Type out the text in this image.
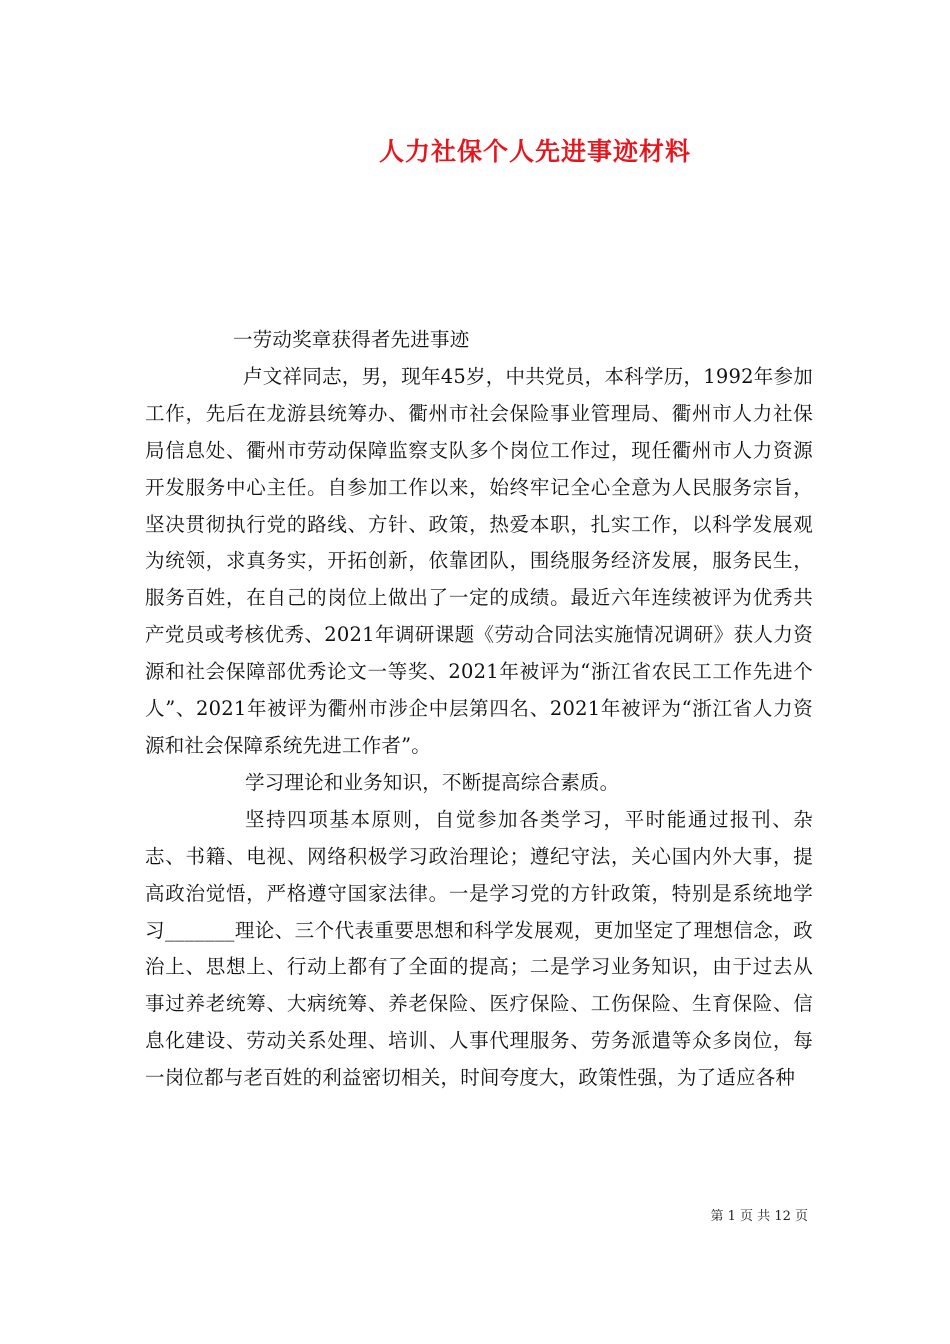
人力社保个人先进事迹材料

一劳动奖章获得者先进事迹

卢文祥同志，男，现年45岁，中共党员，本科学历，1992年参加工作，先后在龙游县统筹办、衢州市社会保险事业管理局、衢州市人力社保局信息处、衢州市劳动保障监察支队多个岗位工作过，现任衢州市人力资源开发服务中心主任。自参加工作以来，始终牢记全心全意为人民服务宗旨，坚决贯彻执行党的路线、方针、政策，热爱本职，扎实工作，以科学发展观为统领，求真务实，开拓创新，依靠团队，围绕服务经济发展，服务民生，服务百姓，在自己的岗位上做出了一定的成绩。最近六年连续被评为优秀共产党员或考核优秀、2021年调研课题《劳动合同法实施情况调研》获人力资源和社会保障部优秀论文一等奖、2021年被评为“浙江省农民工工作先进个人”、2021年被评为衢州市涉企中层第四名、2021年被评为“浙江省人力资源和社会保障系统先进工作者”。

学习理论和业务知识，不断提高综合素质。

坚持四项基本原则，自觉参加各类学习，平时能通过报刊、杂志、书籍、电视、网络积极学习政治理论；遵纪守法，关心国内外大事，提高政治觉悟，严格遵守国家法律。一是学习党的方针政策，特别是系统地学习_______理论、三个代表重要思想和科学发展观，更加坚定了理想信念，政治上、思想上、行动上都有了全面的提高；二是学习业务知识，由于过去从事过养老统筹、大病统筹、养老保险、医疗保险、工伤保险、生育保险、信息化建设、劳动关系处理、培训、人事代理服务、劳务派遣等众多岗位，每一岗位都与老百姓的利益密切相关，时间夸度大，政策性强，为了适应各种

第 1 页 共 12 页
